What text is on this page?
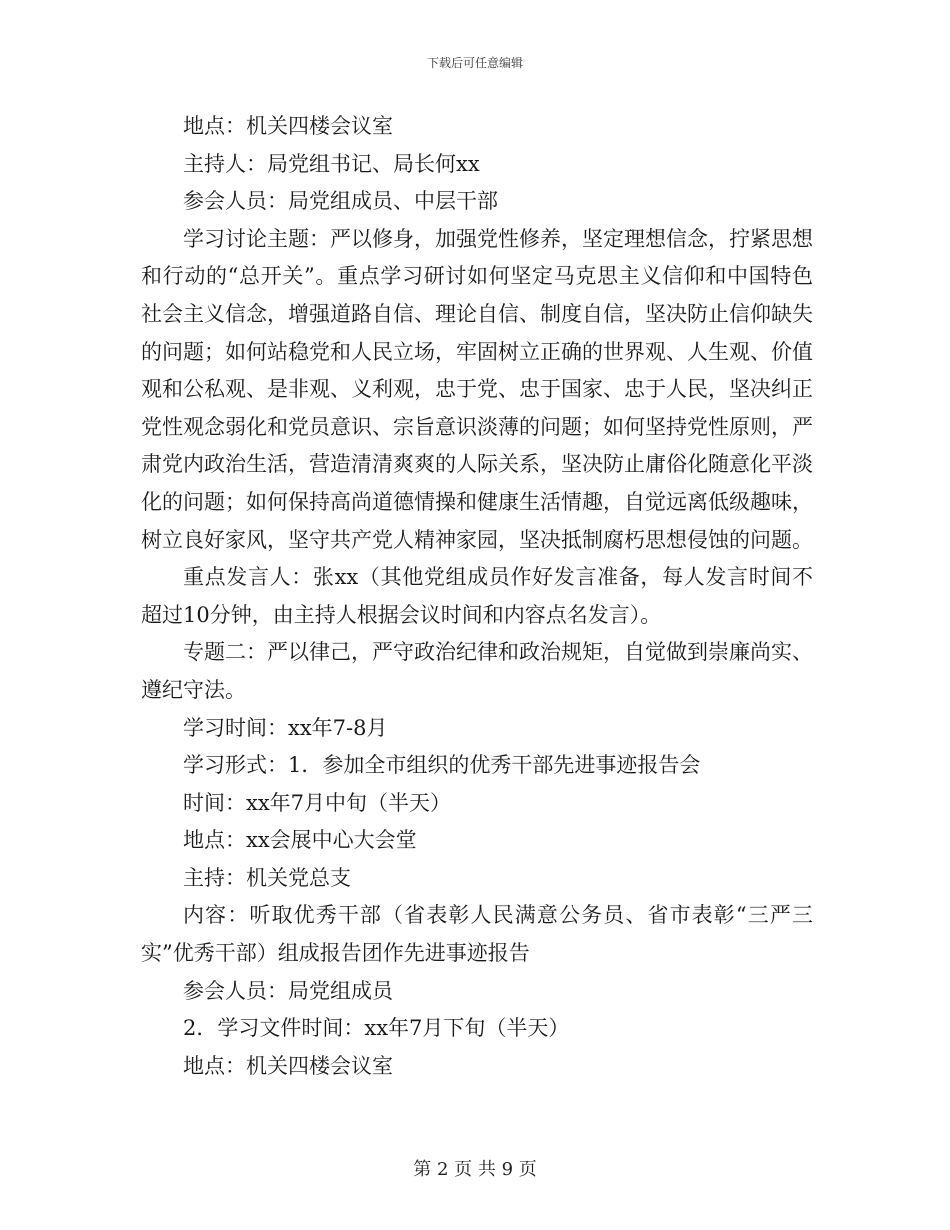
下载后可任意编辑

地点：机关四楼会议室

主持人：局党组书记、局长何xx

参会人员：局党组成员、中层干部

学习讨论主题：严以修身，加强党性修养，坚定理想信念，拧紧思想和行动的“总开关”。重点学习研讨如何坚定马克思主义信仰和中国特色社会主义信念，增强道路自信、理论自信、制度自信，坚决防止信仰缺失的问题；如何站稳党和人民立场，牢固树立正确的世界观、人生观、价值观和公私观、是非观、义利观，忠于党、忠于国家、忠于人民，坚决纠正党性观念弱化和党员意识、宗旨意识淡薄的问题；如何坚持党性原则，严肃党内政治生活，营造清清爽爽的人际关系，坚决防止庸俗化随意化平淡化的问题；如何保持高尚道德情操和健康生活情趣，自觉远离低级趣味，树立良好家风，坚守共产党人精神家园，坚决抵制腐朽思想侵蚀的问题。

重点发言人：张xx（其他党组成员作好发言准备，每人发言时间不超过10分钟，由主持人根据会议时间和内容点名发言）。

专题二：严以律己，严守政治纪律和政治规矩，自觉做到崇廉尚实、遵纪守法。

学习时间：xx年7-8月

学习形式：1．参加全市组织的优秀干部先进事迹报告会

时间：xx年7月中旬（半天）

地点：xx会展中心大会堂

主持：机关党总支

内容：听取优秀干部（省表彰人民满意公务员、省市表彰“三严三实”优秀干部）组成报告团作先进事迹报告

参会人员：局党组成员

2．学习文件时间：xx年7月下旬（半天）

地点：机关四楼会议室

第 2 页 共 9 页
